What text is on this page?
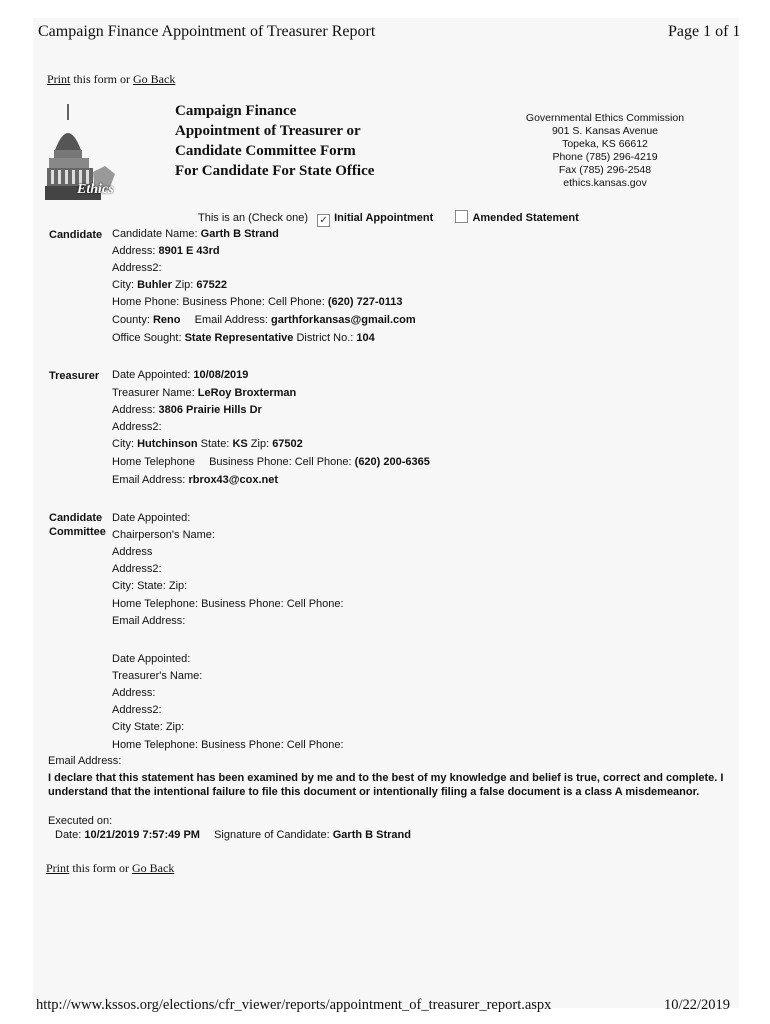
Campaign Finance Appointment of Treasurer Report	Page 1 of 1
Print this form or Go Back
Ethics
Campaign Finance
Appointment of Treasurer or
Candidate Committee Form
For Candidate For State Office
Governmental Ethics Commission
901 S. Kansas Avenue
Topeka, KS 66612
Phone (785) 296-4219
Fax (785) 296-2548
ethics.kansas.gov
This is an (Check one) ✓ Initial Appointment	Amended Statement
Candidate Candidate Name: Garth B Strand
Address: 8901 E 43rd
Address2:
City: Buhler Zip: 67522
Home Phone: Business Phone: Cell Phone: (620) 727-0113
County: Reno Email Address: garthforkansas@gmail.com
Office Sought: State Representative District No.: 104
Treasurer Date Appointed: 10/08/2019
Treasurer Name: LeRoy Broxterman
Address: 3806 Prairie Hills Dr
Address2:
City: Hutchinson State: KS Zip: 67502
Home Telephone Business Phone: Cell Phone: (620) 200-6365
Email Address: rbrox43@cox.net
Candidate
Committee
Date Appointed:
Chairperson's Name:
Address
Address2:
City: State: Zip:
Home Telephone: Business Phone: Cell Phone:
Email Address:
Date Appointed:
Treasurer's Name:
Address:
Address2:
City State: Zip:
Home Telephone: Business Phone: Cell Phone:
Email Address:
I declare that this statement has been examined by me and to the best of my knowledge and belief is true, correct and complete. I understand that the intentional failure to file this document or intentionally filing a false document is a class A misdemeanor.
Executed on:
Date: 10/21/2019 7:57:49 PM Signature of Candidate: Garth B Strand
Print this form or Go Back
http://www.kssos.org/elections/cfr_viewer/reports/appointment_of_treasurer_report.aspx	10/22/2019
